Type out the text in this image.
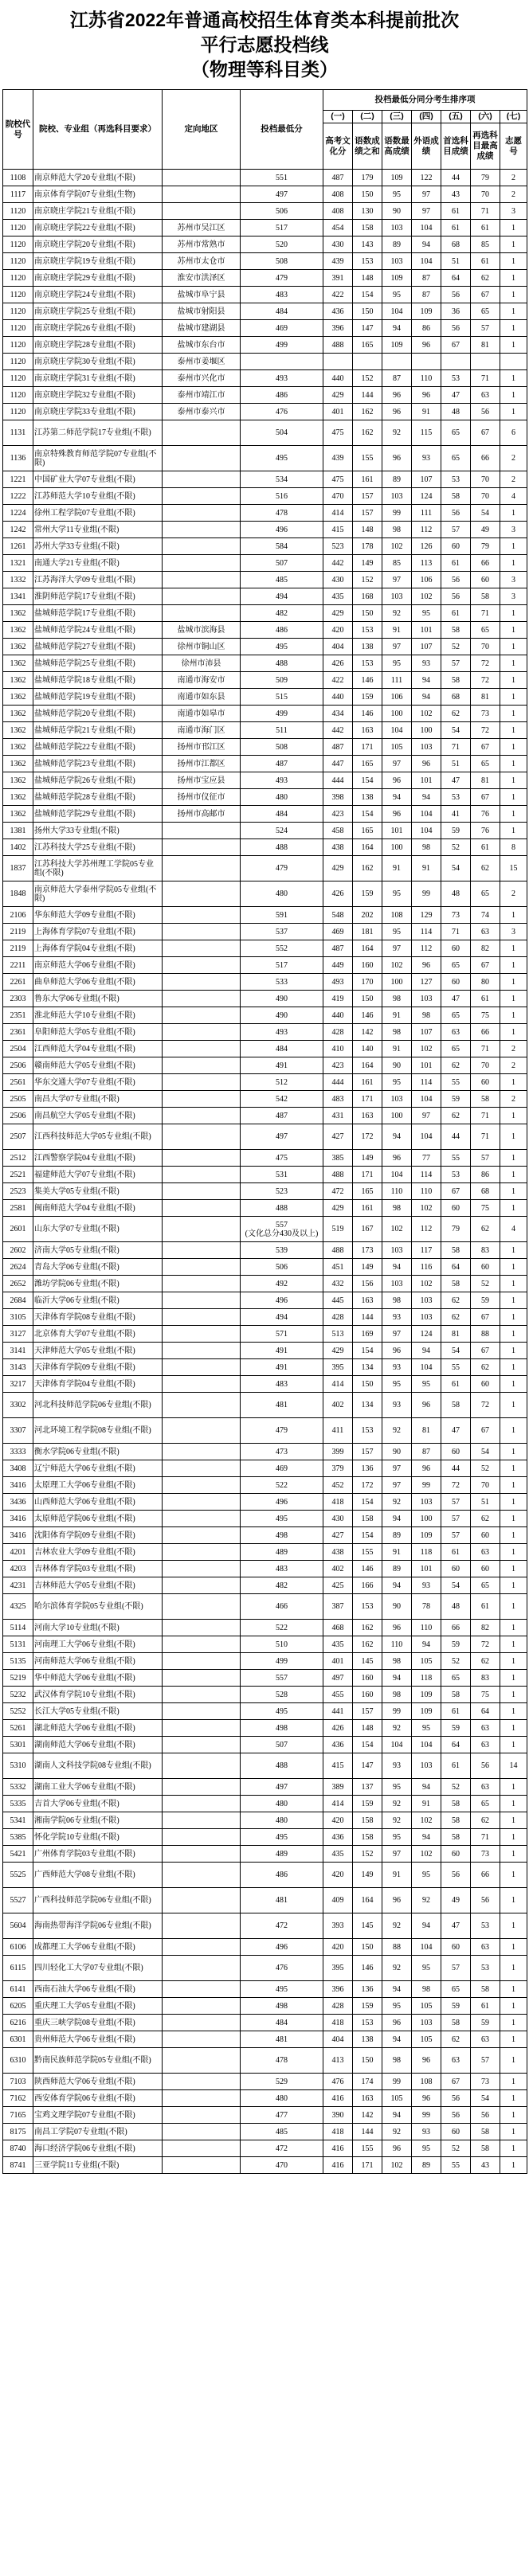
江苏省2022年普通高校招生体育类本科提前批次
平行志愿投档线
（物理等科目类）
院校代号	院校、专业组（再选科目要求）	定向地区	投档最低分	投档最低分同分考生排序项						
				(一)	(二)	(三)	(四)	(五)	(六)	(七)
				高考文化分	语数成绩之和	语数最高成绩	外语成绩	首选科目成绩	再选科目最高成绩	志愿号
1108	南京师范大学20专业组(不限)		551	487	179	109	122	44	79	2
1117	南京体育学院07专业组(生物)		497	408	150	95	97	43	70	2
1120	南京晓庄学院21专业组(不限)		506	408	130	90	97	61	71	3
1120	南京晓庄学院22专业组(不限)	苏州市吴江区	517	454	158	103	104	61	61	1
1120	南京晓庄学院20专业组(不限)	苏州市常熟市	520	430	143	89	94	68	85	1
1120	南京晓庄学院19专业组(不限)	苏州市太仓市	508	439	153	103	104	51	61	1
1120	南京晓庄学院29专业组(不限)	淮安市洪泽区	479	391	148	109	87	64	62	1
1120	南京晓庄学院24专业组(不限)	盐城市阜宁县	483	422	154	95	87	56	67	1
1120	南京晓庄学院25专业组(不限)	盐城市射阳县	484	436	150	104	109	36	65	1
1120	南京晓庄学院26专业组(不限)	盐城市建湖县	469	396	147	94	86	56	57	1
1120	南京晓庄学院28专业组(不限)	盐城市东台市	499	488	165	109	96	67	81	1
1120	南京晓庄学院30专业组(不限)	泰州市姜堰区								
1120	南京晓庄学院31专业组(不限)	泰州市兴化市	493	440	152	87	110	53	71	1
1120	南京晓庄学院32专业组(不限)	泰州市靖江市	486	429	144	96	96	47	63	1
1120	南京晓庄学院33专业组(不限)	泰州市泰兴市	476	401	162	96	91	48	56	1
1131	江苏第二师范学院17专业组(不限)		504	475	162	92	115	65	67	6
1136	南京特殊教育师范学院07专业组(不限)		495	439	155	96	93	65	66	2
1221	中国矿业大学07专业组(不限)		534	475	161	89	107	53	70	2
1222	江苏师范大学10专业组(不限)		516	470	157	103	124	58	70	4
1224	徐州工程学院07专业组(不限)		478	414	157	99	111	56	54	1
1242	常州大学11专业组(不限)		496	415	148	98	112	57	49	3
1261	苏州大学33专业组(不限)		584	523	178	102	126	60	79	1
1321	南通大学21专业组(不限)		507	442	149	85	113	61	66	1
1332	江苏海洋大学09专业组(不限)		485	430	152	97	106	56	60	3
1341	淮阴师范学院17专业组(不限)		494	435	168	103	102	56	58	3
1362	盐城师范学院17专业组(不限)		482	429	150	92	95	61	71	1
1362	盐城师范学院24专业组(不限)	盐城市滨海县	486	420	153	91	101	58	65	1
1362	盐城师范学院27专业组(不限)	徐州市铜山区	495	404	138	97	107	52	70	1
1362	盐城师范学院25专业组(不限)	徐州市沛县	488	426	153	95	93	57	72	1
1362	盐城师范学院18专业组(不限)	南通市海安市	509	422	146	111	94	58	72	1
1362	盐城师范学院19专业组(不限)	南通市如东县	515	440	159	106	94	68	81	1
1362	盐城师范学院20专业组(不限)	南通市如皋市	499	434	146	100	102	62	73	1
1362	盐城师范学院21专业组(不限)	南通市海门区	511	442	163	104	100	54	72	1
1362	盐城师范学院22专业组(不限)	扬州市邗江区	508	487	171	105	103	71	67	1
1362	盐城师范学院23专业组(不限)	扬州市江都区	487	447	165	97	96	51	65	1
1362	盐城师范学院26专业组(不限)	扬州市宝应县	493	444	154	96	101	47	81	1
1362	盐城师范学院28专业组(不限)	扬州市仪征市	480	398	138	94	94	53	67	1
1362	盐城师范学院29专业组(不限)	扬州市高邮市	484	423	154	96	104	41	76	1
1381	扬州大学33专业组(不限)		524	458	165	101	104	59	76	1
1402	江苏科技大学25专业组(不限)		488	438	164	100	98	52	61	8
1837	江苏科技大学苏州理工学院05专业组(不限)		479	429	162	91	91	54	62	15
1848	南京师范大学泰州学院05专业组(不限)		480	426	159	95	99	48	65	2
2106	华东师范大学09专业组(不限)		591	548	202	108	129	73	74	1
2119	上海体育学院07专业组(不限)		537	469	181	95	114	71	63	3
2119	上海体育学院04专业组(不限)		552	487	164	97	112	60	82	1
2211	南京师范大学06专业组(不限)		517	449	160	102	96	65	67	1
2261	曲阜师范大学06专业组(不限)		533	493	170	100	127	60	80	1
2303	鲁东大学06专业组(不限)		490	419	150	98	103	47	61	1
2351	淮北师范大学10专业组(不限)		490	440	146	91	98	65	75	1
2361	阜阳师范大学05专业组(不限)		493	428	142	98	107	63	66	1
2504	江西师范大学04专业组(不限)		484	410	140	91	102	65	71	2
2506	赣南师范大学05专业组(不限)		491	423	164	90	101	62	70	2
2561	华东交通大学07专业组(不限)		512	444	161	95	114	55	60	1
2505	南昌大学07专业组(不限)		542	483	171	103	104	59	58	2
2506	南昌航空大学05专业组(不限)		487	431	163	100	97	62	71	1
2507	江西科技师范大学05专业组(不限)		497	427	172	94	104	44	71	1
2512	江西警察学院04专业组(不限)		475	385	149	96	77	55	57	1
2521	福建师范大学07专业组(不限)		531	488	171	104	114	53	86	1
2523	集美大学05专业组(不限)		523	472	165	110	110	67	68	1
2581	闽南师范大学04专业组(不限)		488	429	161	98	102	60	75	1
2601	山东大学07专业组(不限)		557
(文化总分430及以上)	519	167	102	112	79	62	4
2602	济南大学05专业组(不限)		539	488	173	103	117	58	83	1
2624	青岛大学06专业组(不限)		506	451	149	94	116	64	60	1
2652	潍坊学院06专业组(不限)		492	432	156	103	102	58	52	1
2684	临沂大学06专业组(不限)		496	445	163	98	103	62	59	1
3105	天津体育学院08专业组(不限)		494	428	144	93	103	62	67	1
3127	北京体育大学07专业组(不限)		571	513	169	97	124	81	88	1
3141	天津师范大学05专业组(不限)		491	429	154	96	94	54	67	1
3143	天津体育学院09专业组(不限)		491	395	134	93	104	55	62	1
3217	天津体育学院04专业组(不限)		483	414	150	95	95	61	60	1
3302	河北科技师范学院06专业组(不限)		481	402	134	93	96	58	72	1
3307	河北环境工程学院08专业组(不限)		479	411	153	92	81	47	67	1
3333	衡水学院06专业组(不限)		473	399	157	90	87	60	54	1
3408	辽宁师范大学06专业组(不限)		469	379	136	97	96	44	52	1
3416	太原理工大学06专业组(不限)		522	452	172	97	99	72	70	1
3436	山西师范大学06专业组(不限)		496	418	154	92	103	57	51	1
3416	太原师范学院06专业组(不限)		495	430	158	94	100	57	62	1
3416	沈阳体育学院09专业组(不限)		498	427	154	89	109	57	60	1
4201	吉林农业大学09专业组(不限)		489	438	155	91	118	61	63	1
4203	吉林体育学院03专业组(不限)		483	402	146	89	101	60	60	1
4231	吉林师范大学05专业组(不限)		482	425	166	94	93	54	65	1
4325	哈尔滨体育学院05专业组(不限)		466	387	153	90	78	48	61	1
5114	河南大学10专业组(不限)		522	468	162	96	110	66	82	1
5131	河南理工大学06专业组(不限)		510	435	162	110	94	59	72	1
5135	河南师范大学06专业组(不限)		499	401	145	98	105	52	62	1
5219	华中师范大学06专业组(不限)		557	497	160	94	118	65	83	1
5232	武汉体育学院10专业组(不限)		528	455	160	98	109	58	75	1
5252	长江大学05专业组(不限)		495	441	157	99	109	61	64	1
5261	湖北师范大学06专业组(不限)		498	426	148	92	95	59	63	1
5301	湖南师范大学06专业组(不限)		507	436	154	104	104	64	63	1
5310	湖南人文科技学院08专业组(不限)		488	415	147	93	103	61	56	14
5332	湖南工业大学06专业组(不限)		497	389	137	95	94	52	63	1
5335	吉首大学06专业组(不限)		480	414	159	92	91	58	65	1
5341	湘南学院06专业组(不限)		480	420	158	92	102	58	62	1
5385	怀化学院10专业组(不限)		495	436	158	95	94	58	71	1
5421	广州体育学院03专业组(不限)		489	435	152	97	102	60	73	1
5525	广西师范大学08专业组(不限)		486	420	149	91	95	56	66	1
5527	广西科技师范学院06专业组(不限)		481	409	164	96	92	49	56	1
5604	海南热带海洋学院06专业组(不限)		472	393	145	92	94	47	53	1
6106	成都理工大学06专业组(不限)		496	420	150	88	104	60	63	1
6115	四川轻化工大学07专业组(不限)		476	395	146	92	95	57	53	1
6141	西南石油大学06专业组(不限)		495	396	136	94	98	65	58	1
6205	重庆理工大学05专业组(不限)		498	428	159	95	105	59	61	1
6216	重庆三峡学院08专业组(不限)		484	418	153	96	103	58	59	1
6301	贵州师范大学06专业组(不限)		481	404	138	94	105	62	63	1
6310	黔南民族师范学院05专业组(不限)		478	413	150	98	96	63	57	1
7103	陕西师范大学06专业组(不限)		529	476	174	99	108	67	73	1
7162	西安体育学院06专业组(不限)		480	416	163	105	96	56	54	1
7165	宝鸡文理学院07专业组(不限)		477	390	142	94	99	56	56	1
8175	南昌工学院07专业组(不限)		485	418	144	92	93	60	58	1
8740	海口经济学院06专业组(不限)		472	416	155	96	95	52	58	1
8741	三亚学院11专业组(不限)		470	416	171	102	89	55	43	1
